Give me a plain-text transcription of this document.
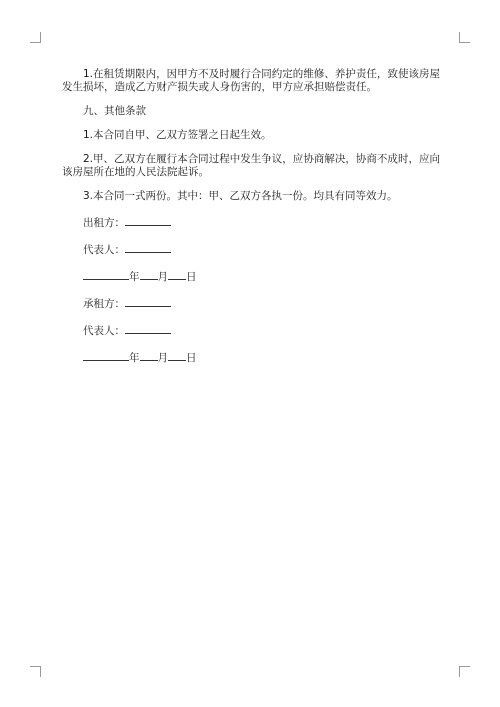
1.在租赁期限内，因甲方不及时履行合同约定的维修、养护责任，致使该房屋发生损坏，造成乙方财产损失或人身伤害的，甲方应承担赔偿责任。

九、其他条款

1.本合同自甲、乙双方签署之日起生效。

2.甲、乙双方在履行本合同过程中发生争议，应协商解决，协商不成时，应向该房屋所在地的人民法院起诉。

3.本合同一式两份。其中：甲、乙双方各执一份。均具有同等效力。

出租方：

代表人：

年 月 日

承租方：

代表人：

年 月 日
